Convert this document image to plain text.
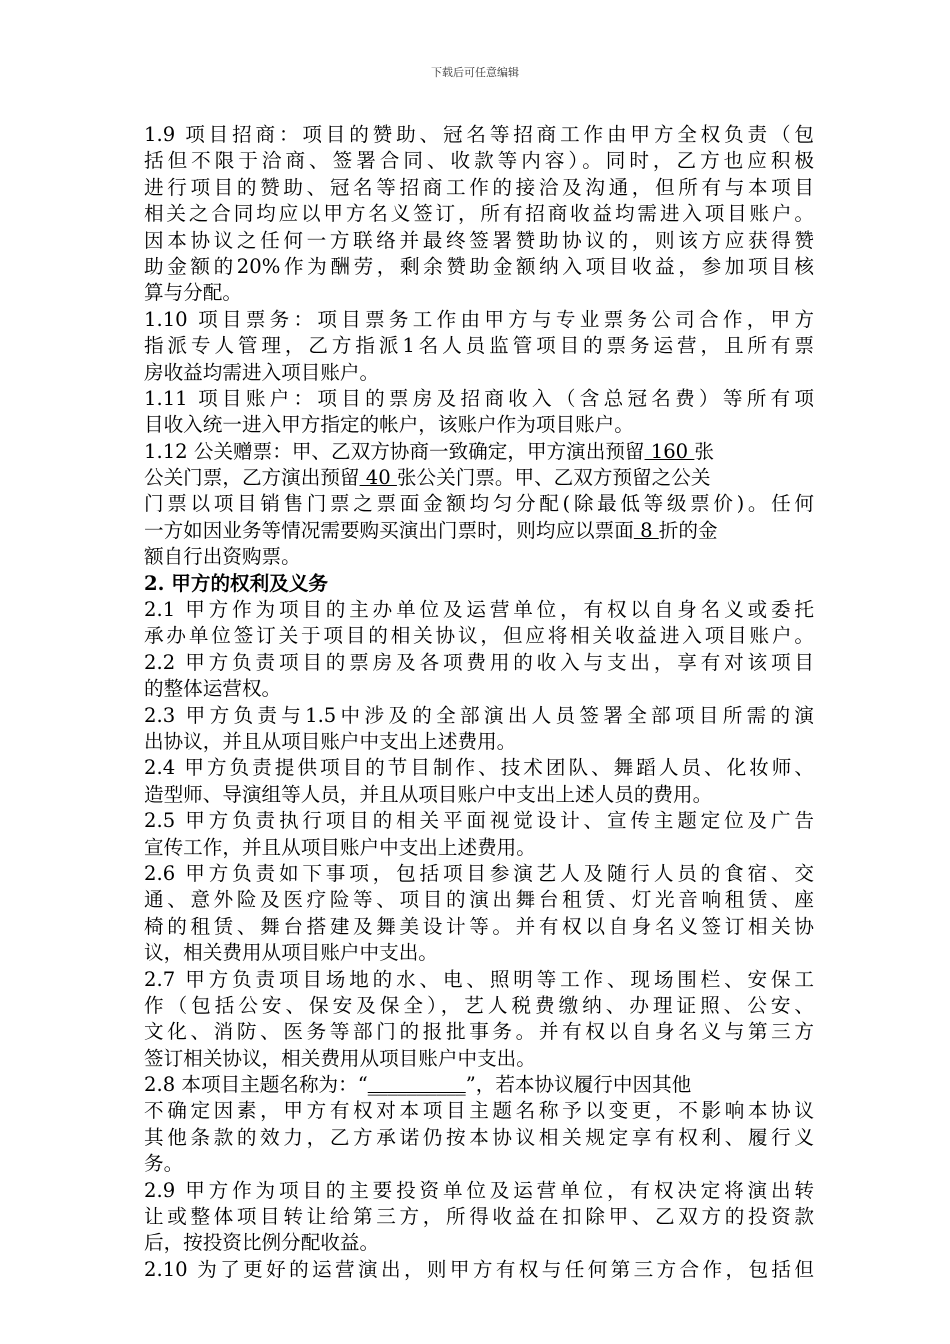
下载后可任意编辑
1.9 项目招商：项目的赞助、冠名等招商工作由甲方全权负责（包
括但不限于洽商、签署合同、收款等内容）。同时，乙方也应积极
进行项目的赞助、冠名等招商工作的接洽及沟通，但所有与本项目
相关之合同均应以甲方名义签订，所有招商收益均需进入项目账户。
因本协议之任何一方联络并最终签署赞助协议的，则该方应获得赞
助金额的20%作为酬劳，剩余赞助金额纳入项目收益，参加项目核
算与分配。
1.10 项目票务：项目票务工作由甲方与专业票务公司合作，甲方
指派专人管理，乙方指派1名人员监管项目的票务运营，且所有票
房收益均需进入项目账户。
1.11 项目账户：项目的票房及招商收入（含总冠名费）等所有项
目收入统一进入甲方指定的帐户，该账户作为项目账户。
1.12 公关赠票：甲、乙双方协商一致确定，甲方演出预留 160 张
公关门票，乙方演出预留 40 张公关门票。甲、乙双方预留之公关
门票以项目销售门票之票面金额均匀分配(除最低等级票价)。任何
一方如因业务等情况需要购买演出门票时，则均应以票面 8 折的金
额自行出资购票。
2. 甲方的权利及义务
2.1 甲方作为项目的主办单位及运营单位，有权以自身名义或委托
承办单位签订关于项目的相关协议，但应将相关收益进入项目账户。
2.2 甲方负责项目的票房及各项费用的收入与支出，享有对该项目
的整体运营权。
2.3 甲方负责与1.5中涉及的全部演出人员签署全部项目所需的演
出协议，并且从项目账户中支出上述费用。
2.4 甲方负责提供项目的节目制作、技术团队、舞蹈人员、化妆师、
造型师、导演组等人员，并且从项目账户中支出上述人员的费用。
2.5 甲方负责执行项目的相关平面视觉设计、宣传主题定位及广告
宣传工作，并且从项目账户中支出上述费用。
2.6 甲方负责如下事项，包括项目参演艺人及随行人员的食宿、交
通、意外险及医疗险等、项目的演出舞台租赁、灯光音响租赁、座
椅的租赁、舞台搭建及舞美设计等。并有权以自身名义签订相关协
议，相关费用从项目账户中支出。
2.7 甲方负责项目场地的水、电、照明等工作、现场围栏、安保工
作（包括公安、保安及保全），艺人税费缴纳、办理证照、公安、
文化、消防、医务等部门的报批事务。并有权以自身名义与第三方
签订相关协议，相关费用从项目账户中支出。
2.8 本项目主题名称为：“__________”，若本协议履行中因其他
不确定因素，甲方有权对本项目主题名称予以变更，不影响本协议
其他条款的效力，乙方承诺仍按本协议相关规定享有权利、履行义
务。
2.9 甲方作为项目的主要投资单位及运营单位，有权决定将演出转
让或整体项目转让给第三方，所得收益在扣除甲、乙双方的投资款
后，按投资比例分配收益。
2.10 为了更好的运营演出，则甲方有权与任何第三方合作，包括但
